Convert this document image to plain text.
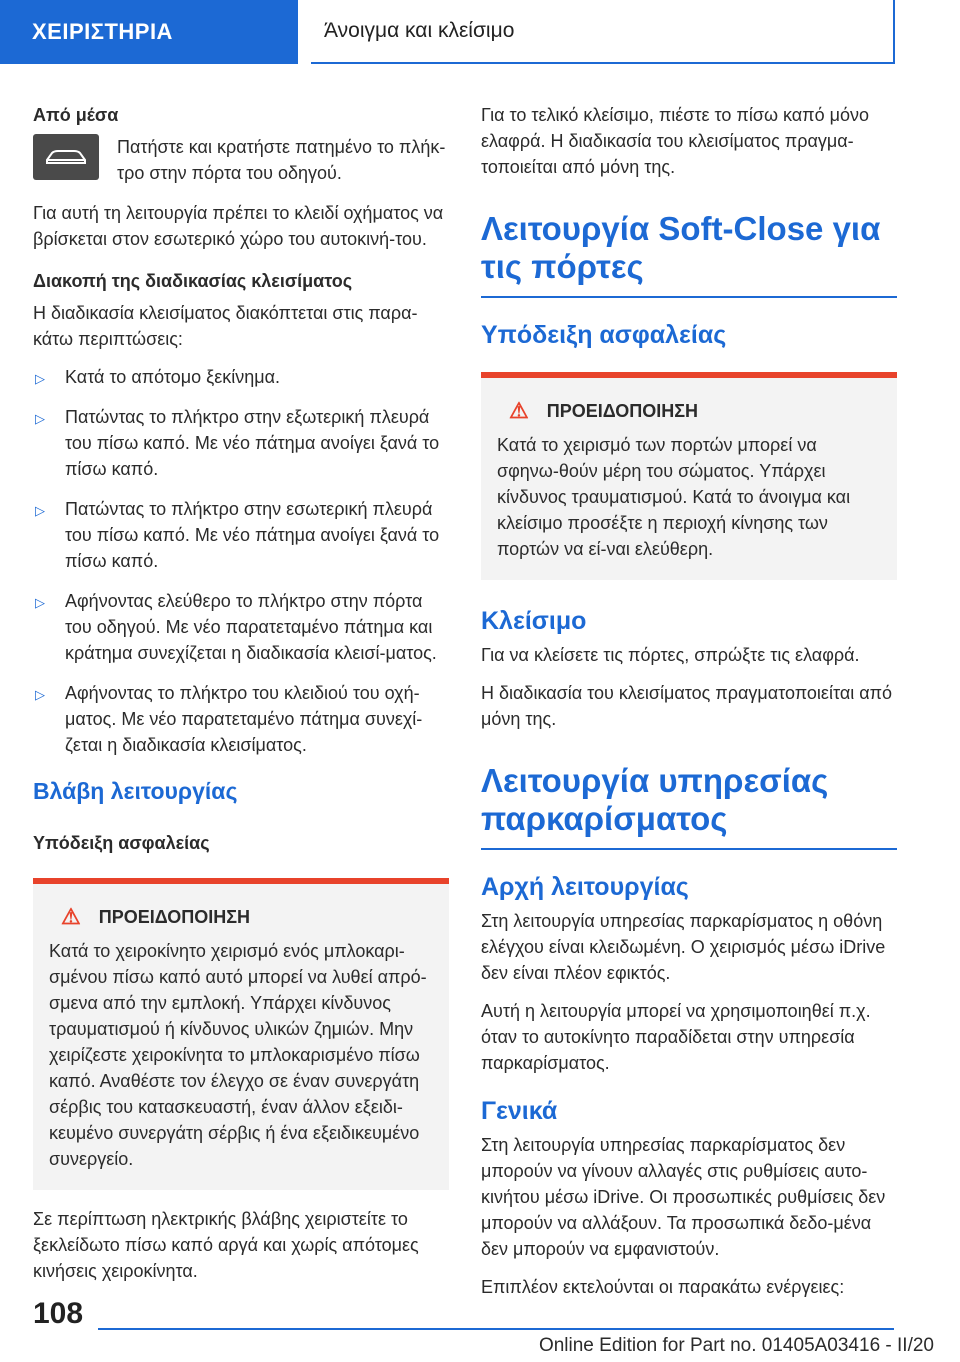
ΧΕΙΡΙΣΤΗΡΙΑ	Άνοιγμα και κλείσιμο

Από μέσα

Πατήστε και κρατήστε πατημένο το πλήκ-τρο στην πόρτα του οδηγού.

Για αυτή τη λειτουργία πρέπει το κλειδί οχήματος να βρίσκεται στον εσωτερικό χώρο του αυτοκινή-του.

Διακοπή της διαδικασίας κλεισίματος

Η διαδικασία κλεισίματος διακόπτεται στις παρα-κάτω περιπτώσεις:

▷ Κατά το απότομο ξεκίνημα.
▷ Πατώντας το πλήκτρο στην εξωτερική πλευρά του πίσω καπό. Με νέο πάτημα ανοίγει ξανά το πίσω καπό.
▷ Πατώντας το πλήκτρο στην εσωτερική πλευρά του πίσω καπό. Με νέο πάτημα ανοίγει ξανά το πίσω καπό.
▷ Αφήνοντας ελεύθερο το πλήκτρο στην πόρτα του οδηγού. Με νέο παρατεταμένο πάτημα και κράτημα συνεχίζεται η διαδικασία κλεισί-ματος.
▷ Αφήνοντας το πλήκτρο του κλειδιού του οχή-ματος. Με νέο παρατεταμένο πάτημα συνεχί-ζεται η διαδικασία κλεισίματος.

Βλάβη λειτουργίας

Υπόδειξη ασφαλείας

⚠ ΠΡΟΕΙΔΟΠΟΙΗΣΗ
Κατά το χειροκίνητο χειρισμό ενός μπλοκαρι-σμένου πίσω καπό αυτό μπορεί να λυθεί απρό-σμενα από την εμπλοκή. Υπάρχει κίνδυνος τραυματισμού ή κίνδυνος υλικών ζημιών. Μην χειρίζεστε χειροκίνητα το μπλοκαρισμένο πίσω καπό. Αναθέστε τον έλεγχο σε έναν συνεργάτη σέρβις του κατασκευαστή, έναν άλλον εξειδι-κευμένο συνεργάτη σέρβις ή ένα εξειδικευμένο συνεργείο.

Σε περίπτωση ηλεκτρικής βλάβης χειριστείτε το ξεκλείδωτο πίσω καπό αργά και χωρίς απότομες κινήσεις χειροκίνητα.

Για το τελικό κλείσιμο, πιέστε το πίσω καπό μόνο ελαφρά. Η διαδικασία του κλεισίματος πραγμα-τοποιείται από μόνη της.

Λειτουργία Soft-Close για τις πόρτες

Υπόδειξη ασφαλείας

⚠ ΠΡΟΕΙΔΟΠΟΙΗΣΗ
Κατά το χειρισμό των πορτών μπορεί να σφηνω-θούν μέρη του σώματος. Υπάρχει κίνδυνος τραυματισμού. Κατά το άνοιγμα και κλείσιμο προσέξτε η περιοχή κίνησης των πορτών να εί-ναι ελεύθερη.

Κλείσιμο

Για να κλείσετε τις πόρτες, σπρώξτε τις ελαφρά.

Η διαδικασία του κλεισίματος πραγματοποιείται από μόνη της.

Λειτουργία υπηρεσίας παρκαρίσματος

Αρχή λειτουργίας

Στη λειτουργία υπηρεσίας παρκαρίσματος η οθόνη ελέγχου είναι κλειδωμένη. Ο χειρισμός μέσω iDrive δεν είναι πλέον εφικτός.

Αυτή η λειτουργία μπορεί να χρησιμοποιηθεί π.χ. όταν το αυτοκίνητο παραδίδεται στην υπηρεσία παρκαρίσματος.

Γενικά

Στη λειτουργία υπηρεσίας παρκαρίσματος δεν μπορούν να γίνουν αλλαγές στις ρυθμίσεις αυτο-κινήτου μέσω iDrive. Οι προσωπικές ρυθμίσεις δεν μπορούν να αλλάξουν. Τα προσωπικά δεδο-μένα δεν μπορούν να εμφανιστούν.

Επιπλέον εκτελούνται οι παρακάτω ενέργειες:

108
Online Edition for Part no. 01405A03416 - II/20
